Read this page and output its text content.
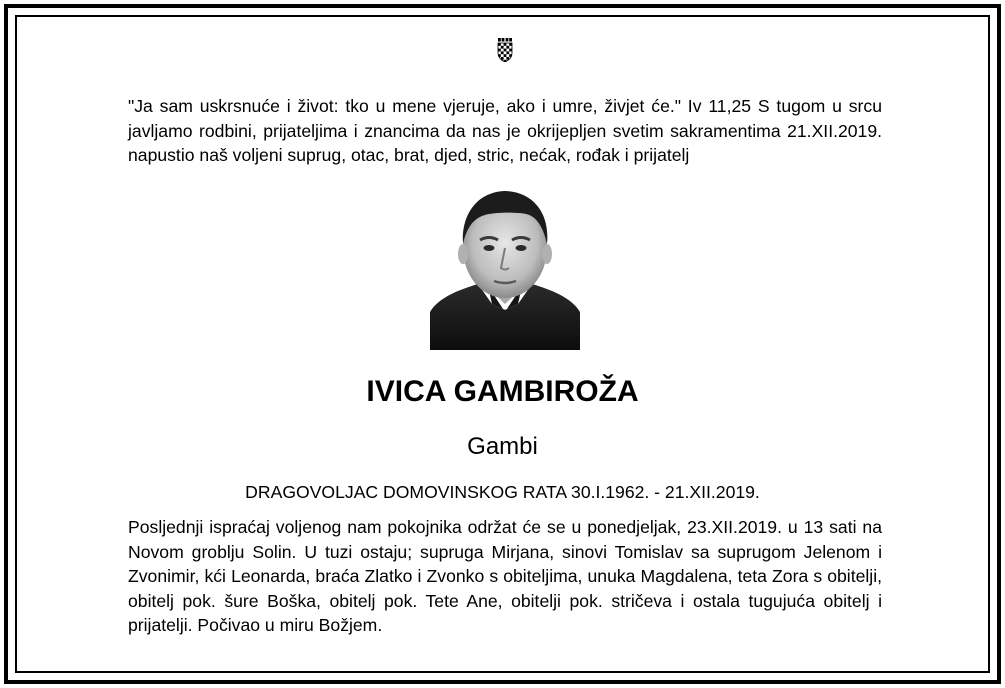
"Ja sam uskrsnuće i život: tko u mene vjeruje, ako i umre, živjet će." Iv 11,25 S tugom u srcu javljamo rodbini, prijateljima i znancima da nas je okrijepljen svetim sakramentima 21.XII.2019. napustio naš voljeni suprug, otac, brat, djed, stric, nećak, rođak i prijatelj

IVICA GAMBIROŽA

Gambi

DRAGOVOLJAC DOMOVINSKOG RATA 30.I.1962. - 21.XII.2019.

Posljednji ispraćaj voljenog nam pokojnika održat će se u ponedjeljak, 23.XII.2019. u 13 sati na Novom groblju Solin. U tuzi ostaju; supruga Mirjana, sinovi Tomislav sa suprugom Jelenom i Zvonimir, kći Leonarda, braća Zlatko i Zvonko s obiteljima, unuka Magdalena, teta Zora s obitelji, obitelj pok. šure Boška, obitelj pok. Tete Ane, obitelji pok. stričeva i ostala tugujuća obitelj i prijatelji. Počivao u miru Božjem.
